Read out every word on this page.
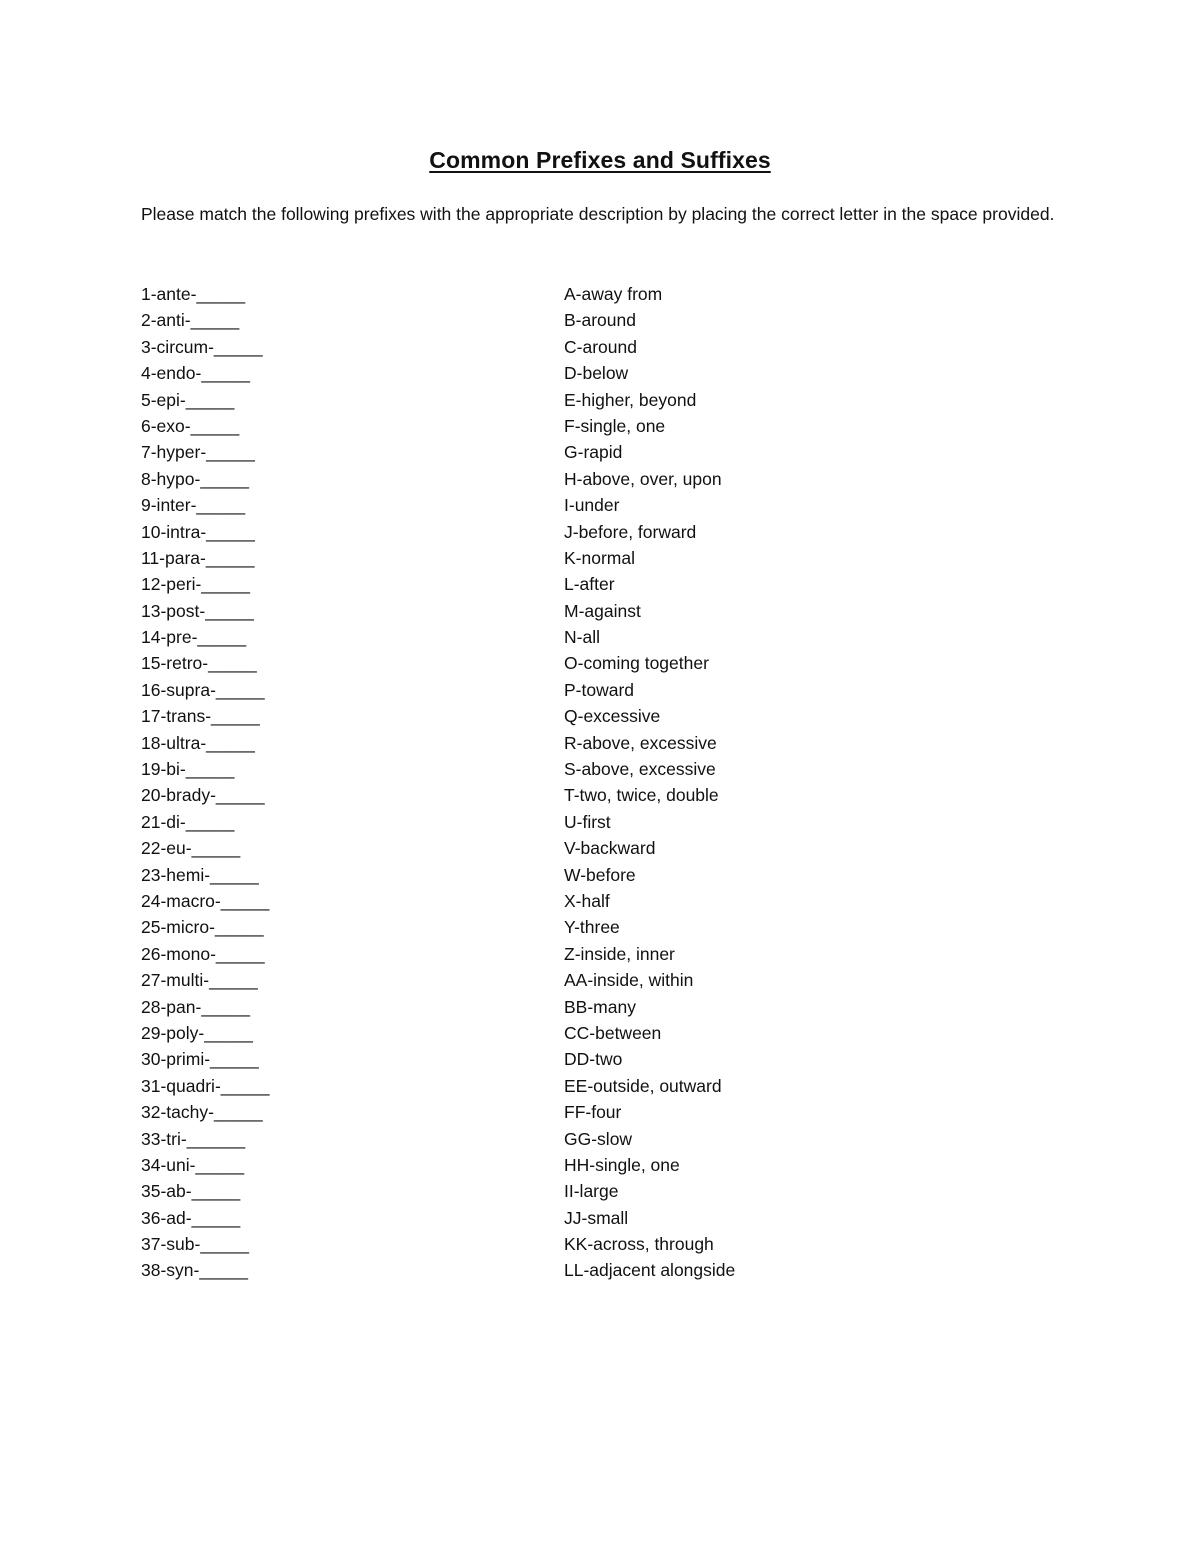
Common Prefixes and Suffixes

Please match the following prefixes with the appropriate description by placing the correct letter in the space provided.

1-ante-_____
2-anti-_____
3-circum-_____
4-endo-_____
5-epi-_____
6-exo-_____
7-hyper-_____
8-hypo-_____
9-inter-_____
10-intra-_____
11-para-_____
12-peri-_____
13-post-_____
14-pre-_____
15-retro-_____
16-supra-_____
17-trans-_____
18-ultra-_____
19-bi-_____
20-brady-_____
21-di-_____
22-eu-_____
23-hemi-_____
24-macro-_____
25-micro-_____
26-mono-_____
27-multi-_____
28-pan-_____
29-poly-_____
30-primi-_____
31-quadri-_____
32-tachy-_____
33-tri-______
34-uni-_____
35-ab-_____
36-ad-_____
37-sub-_____
38-syn-_____
A-away from
B-around
C-around
D-below
E-higher, beyond
F-single, one
G-rapid
H-above, over, upon
I-under
J-before, forward
K-normal
L-after
M-against
N-all
O-coming together
P-toward
Q-excessive
R-above, excessive
S-above, excessive
T-two, twice, double
U-first
V-backward
W-before
X-half
Y-three
Z-inside, inner
AA-inside, within
BB-many
CC-between
DD-two
EE-outside, outward
FF-four
GG-slow
HH-single, one
II-large
JJ-small
KK-across, through
LL-adjacent alongside
